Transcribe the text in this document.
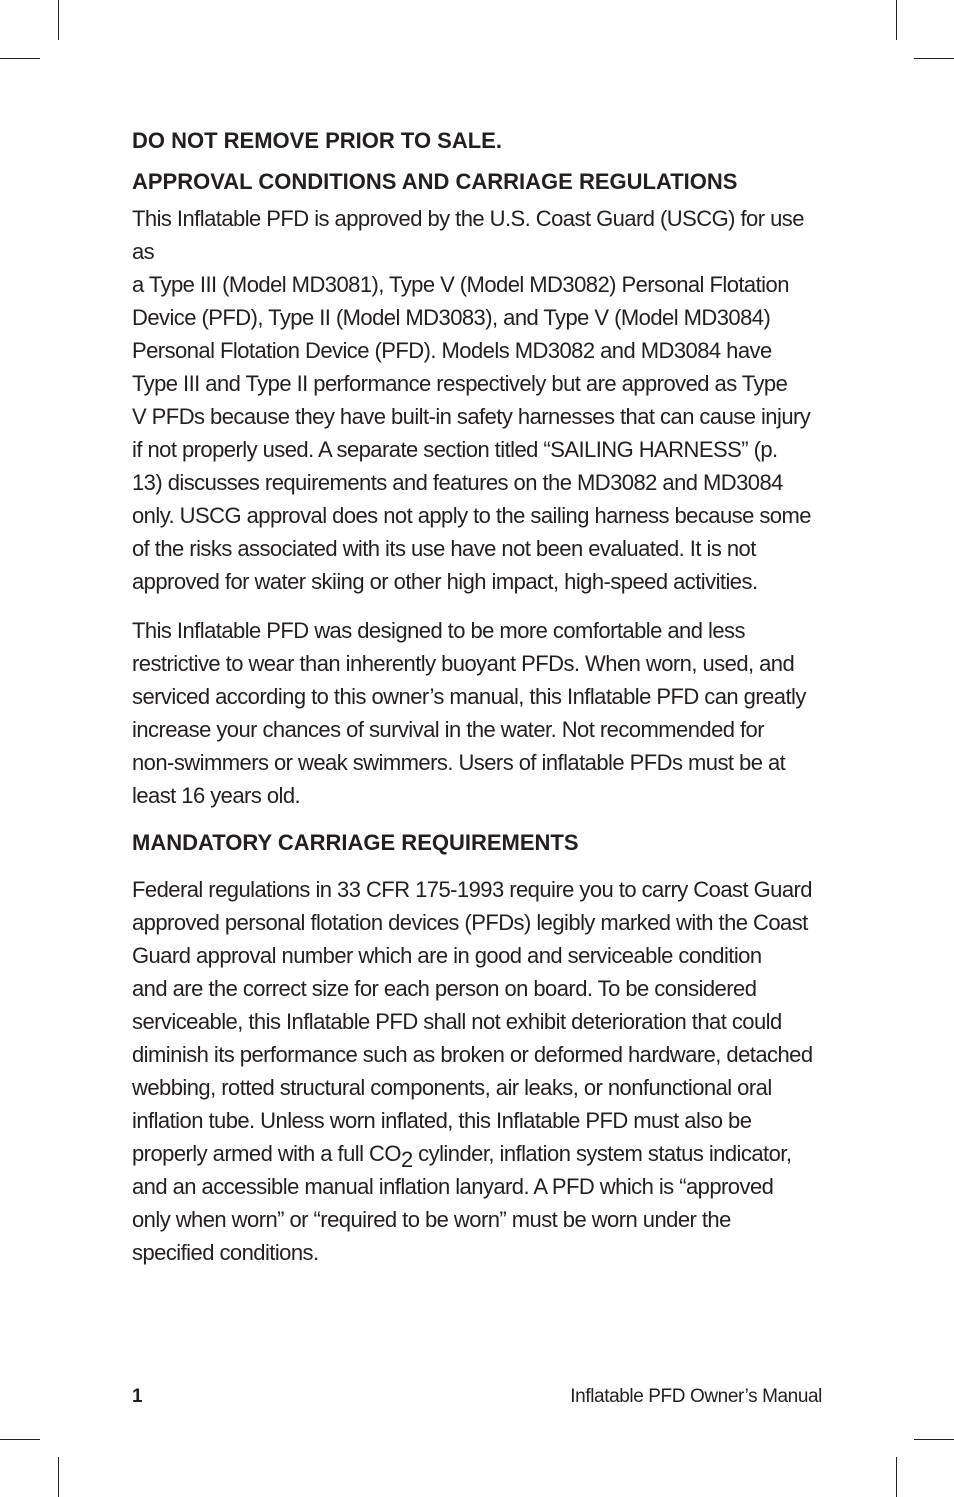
DO NOT REMOVE PRIOR TO SALE.
APPROVAL CONDITIONS AND CARRIAGE REGULATIONS

This Inflatable PFD is approved by the U.S. Coast Guard (USCG) for use as
a Type III (Model MD3081), Type V (Model MD3082) Personal Flotation
Device (PFD), Type II (Model MD3083), and Type V (Model MD3084)
Personal Flotation Device (PFD). Models MD3082 and MD3084 have
Type III and Type II performance respectively but are approved as Type
V PFDs because they have built-in safety harnesses that can cause injury
if not properly used. A separate section titled “SAILING HARNESS” (p.
13) discusses requirements and features on the MD3082 and MD3084
only. USCG approval does not apply to the sailing harness because some
of the risks associated with its use have not been evaluated. It is not
approved for water skiing or other high impact, high-speed activities.

This Inflatable PFD was designed to be more comfortable and less
restrictive to wear than inherently buoyant PFDs. When worn, used, and
serviced according to this owner’s manual, this Inflatable PFD can greatly
increase your chances of survival in the water. Not recommended for
non-swimmers or weak swimmers. Users of inflatable PFDs must be at
least 16 years old.

MANDATORY CARRIAGE REQUIREMENTS

Federal regulations in 33 CFR 175-1993 require you to carry Coast Guard
approved personal flotation devices (PFDs) legibly marked with the Coast
Guard approval number which are in good and serviceable condition
and are the correct size for each person on board. To be considered
serviceable, this Inflatable PFD shall not exhibit deterioration that could
diminish its performance such as broken or deformed hardware, detached
webbing, rotted structural components, air leaks, or nonfunctional oral
inflation tube. Unless worn inflated, this Inflatable PFD must also be
properly armed with a full $CO_2$ cylinder, inflation system status indicator,
and an accessible manual inflation lanyard. A PFD which is “approved
only when worn” or “required to be worn” must be worn under the
specified conditions.

1	Inflatable PFD Owner’s Manual
